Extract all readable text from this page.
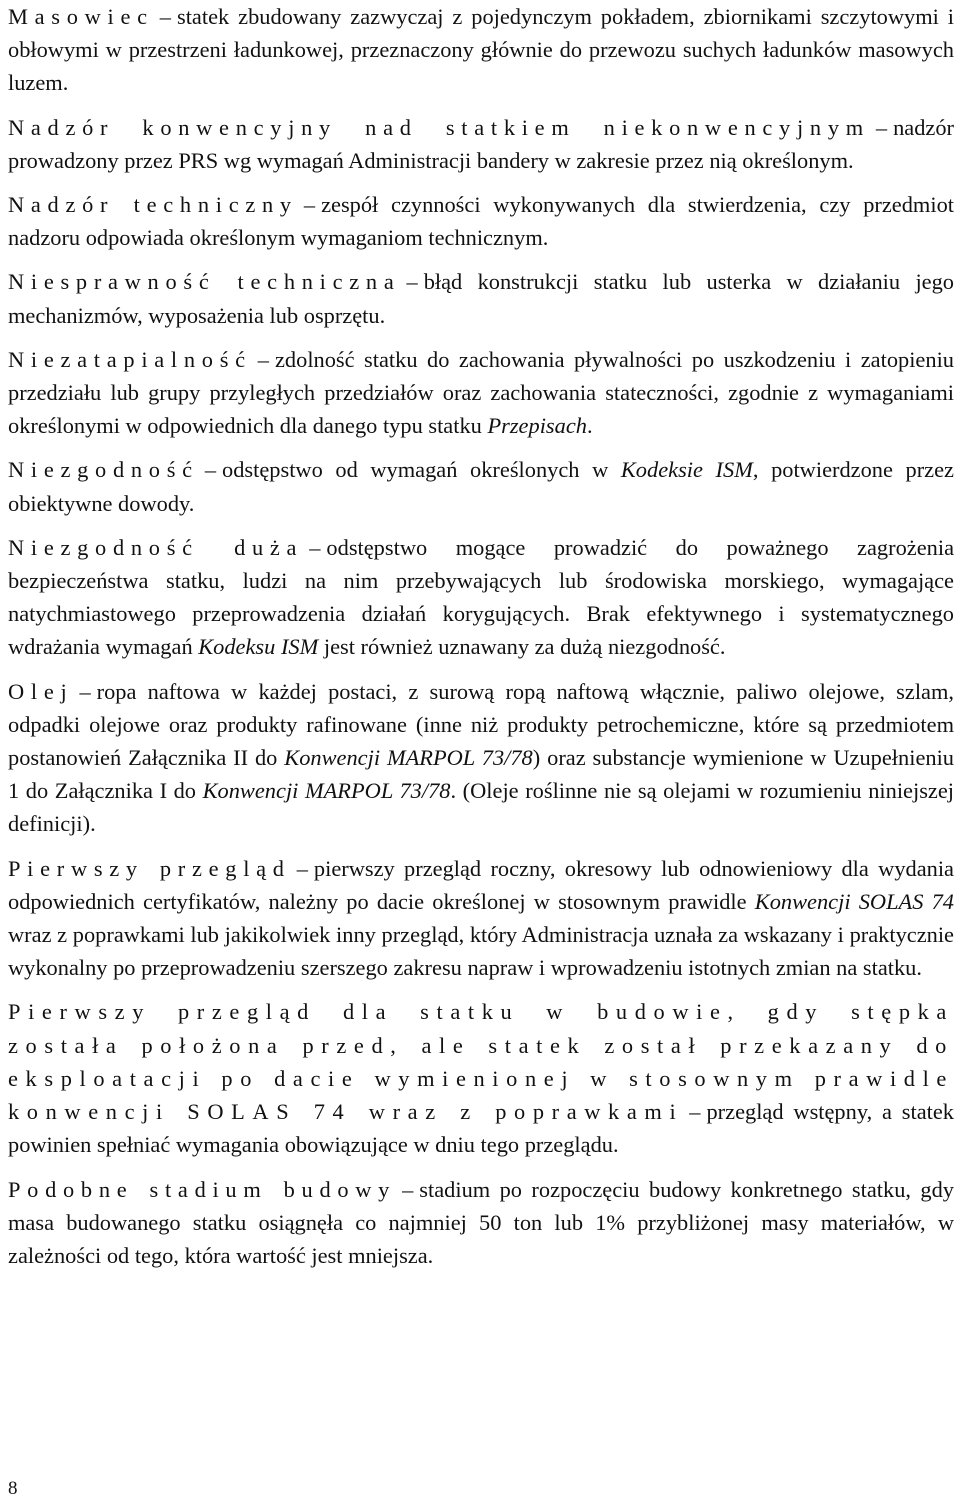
Masowiec – statek zbudowany zazwyczaj z pojedynczym pokładem, zbiornikami szczytowymi i obłowymi w przestrzeni ładunkowej, przeznaczony głównie do przewozu suchych ładunków masowych luzem.

Nadzór konwencyjny nad statkiem niekonwencyjnym – nadzór prowadzony przez PRS wg wymagań Administracji bandery w zakresie przez nią określonym.

Nadzór techniczny – zespół czynności wykonywanych dla stwierdzenia, czy przedmiot nadzoru odpowiada określonym wymaganiom technicznym.

Niesprawność techniczna – błąd konstrukcji statku lub usterka w działaniu jego mechanizmów, wyposażenia lub osprzętu.

Niezatapialność – zdolność statku do zachowania pływalności po uszkodzeniu i zatopieniu przedziału lub grupy przyległych przedziałów oraz zachowania stateczności, zgodnie z wymaganiami określonymi w odpowiednich dla danego typu statku Przepisach.

Niezgodność – odstępstwo od wymagań określonych w Kodeksie ISM, potwierdzone przez obiektywne dowody.

Niezgodność duża – odstępstwo mogące prowadzić do poważnego zagrożenia bezpieczeństwa statku, ludzi na nim przebywających lub środowiska morskiego, wymagające natychmiastowego przeprowadzenia działań korygujących. Brak efektywnego i systematycznego wdrażania wymagań Kodeksu ISM jest również uznawany za dużą niezgodność.

Olej – ropa naftowa w każdej postaci, z surową ropą naftową włącznie, paliwo olejowe, szlam, odpadki olejowe oraz produkty rafinowane (inne niż produkty petrochemiczne, które są przedmiotem postanowień Załącznika II do Konwencji MARPOL 73/78) oraz substancje wymienione w Uzupełnieniu 1 do Załącznika I do Konwencji MARPOL 73/78. (Oleje roślinne nie są olejami w rozumieniu niniejszej definicji).

Pierwszy przegląd – pierwszy przegląd roczny, okresowy lub odnowieniowy dla wydania odpowiednich certyfikatów, należny po dacie określonej w stosownym prawidle Konwencji SOLAS 74 wraz z poprawkami lub jakikolwiek inny przegląd, który Administracja uznała za wskazany i praktycznie wykonalny po przeprowadzeniu szerszego zakresu napraw i wprowadzeniu istotnych zmian na statku.

Pierwszy przegląd dla statku w budowie, gdy stępka została położona przed, ale statek został przekazany do eksploatacji po dacie wymienionej w stosownym prawidle konwencji SOLAS 74 wraz z poprawkami – przegląd wstępny, a statek powinien spełniać wymagania obowiązujące w dniu tego przeglądu.

Podobne stadium budowy – stadium po rozpoczęciu budowy konkretnego statku, gdy masa budowanego statku osiągnęła co najmniej 50 ton lub 1% przybliżonej masy materiałów, w zależności od tego, która wartość jest mniejsza.

8
